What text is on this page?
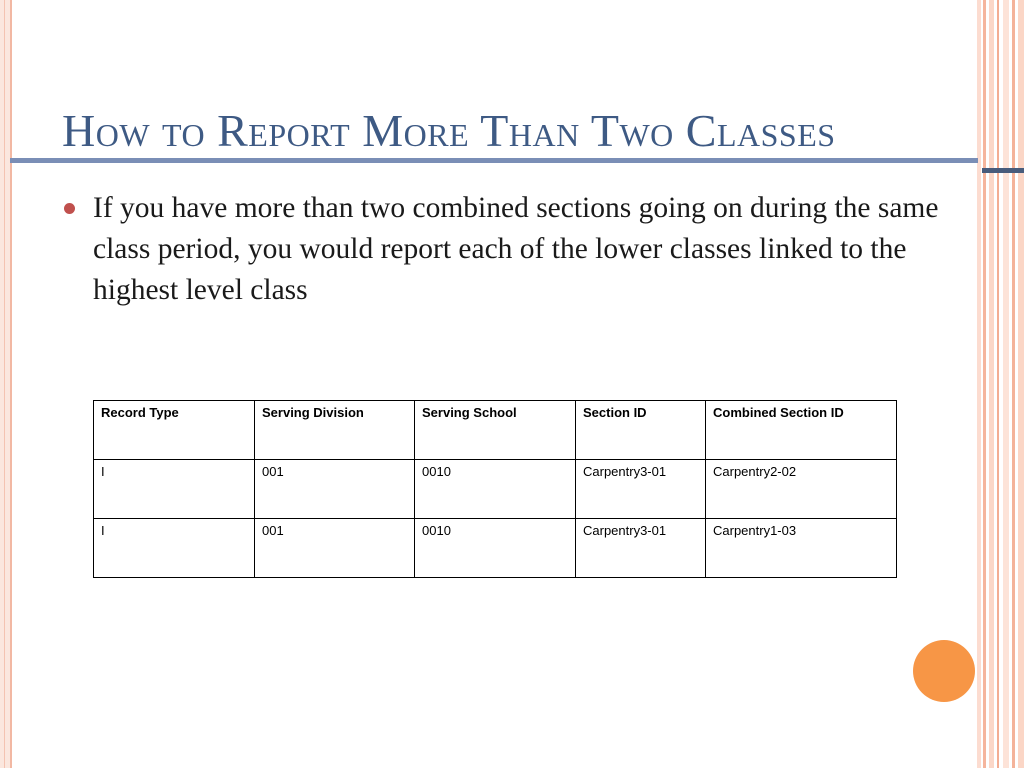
How to Report More Than Two Classes
If you have more than two combined sections going on during the same class period, you would report each of the lower classes linked to the highest level class
Record Type	Serving Division	Serving School	Section ID	Combined Section ID
I	001	0010	Carpentry3-01	Carpentry2-02
I	001	0010	Carpentry3-01	Carpentry1-03
